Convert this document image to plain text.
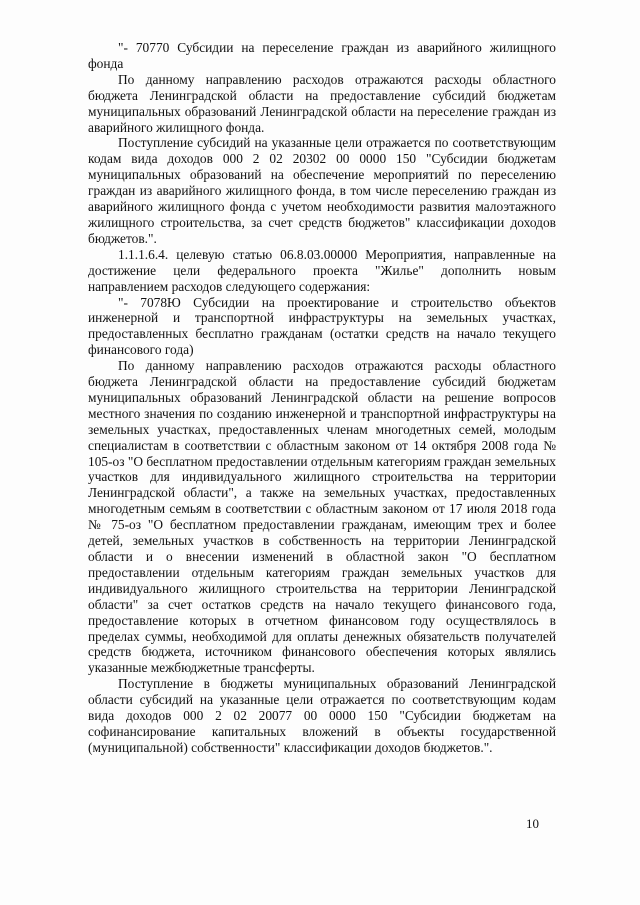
"- 70770 Субсидии на переселение граждан из аварийного жилищного фонда

По данному направлению расходов отражаются расходы областного бюджета Ленинградской области на предоставление субсидий бюджетам муниципальных образований Ленинградской области на переселение граждан из аварийного жилищного фонда.

Поступление субсидий на указанные цели отражается по соответствующим кодам вида доходов 000 2 02 20302 00 0000 150 "Субсидии бюджетам муниципальных образований на обеспечение мероприятий по переселению граждан из аварийного жилищного фонда, в том числе переселению граждан из аварийного жилищного фонда с учетом необходимости развития малоэтажного жилищного строительства, за счет средств бюджетов" классификации доходов бюджетов.".

1.1.1.6.4. целевую статью 06.8.03.00000 Мероприятия, направленные на достижение цели федерального проекта "Жилье" дополнить новым направлением расходов следующего содержания:

"- 7078Ю Субсидии на проектирование и строительство объектов инженерной и транспортной инфраструктуры на земельных участках, предоставленных бесплатно гражданам (остатки средств на начало текущего финансового года)

По данному направлению расходов отражаются расходы областного бюджета Ленинградской области на предоставление субсидий бюджетам муниципальных образований Ленинградской области на решение вопросов местного значения по созданию инженерной и транспортной инфраструктуры на земельных участках, предоставленных членам многодетных семей, молодым специалистам в соответствии с областным законом от 14 октября 2008 года № 105-оз "О бесплатном предоставлении отдельным категориям граждан земельных участков для индивидуального жилищного строительства на территории Ленинградской области", а также на земельных участках, предоставленных многодетным семьям в соответствии с областным законом от 17 июля 2018 года № 75-оз "О бесплатном предоставлении гражданам, имеющим трех и более детей, земельных участков в собственность на территории Ленинградской области и о внесении изменений в областной закон "О бесплатном предоставлении отдельным категориям граждан земельных участков для индивидуального жилищного строительства на территории Ленинградской области" за счет остатков средств на начало текущего финансового года, предоставление которых в отчетном финансовом году осуществлялось в пределах суммы, необходимой для оплаты денежных обязательств получателей средств бюджета, источником финансового обеспечения которых являлись указанные межбюджетные трансферты.

Поступление в бюджеты муниципальных образований Ленинградской области субсидий на указанные цели отражается по соответствующим кодам вида доходов 000 2 02 20077 00 0000 150 "Субсидии бюджетам на софинансирование капитальных вложений в объекты государственной (муниципальной) собственности" классификации доходов бюджетов.".

10
